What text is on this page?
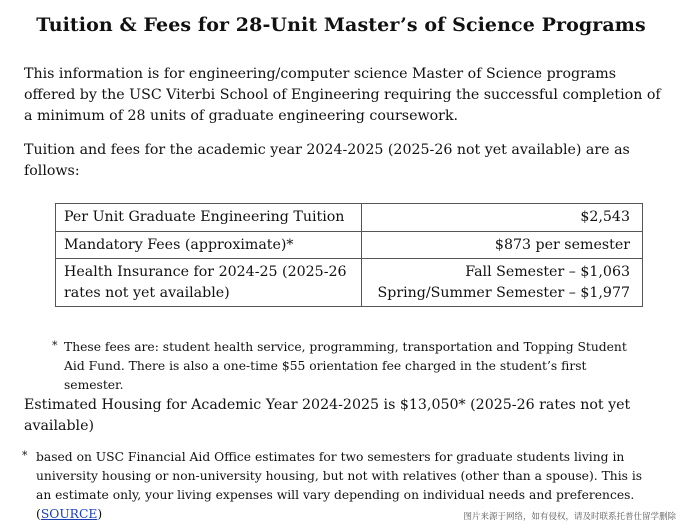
Tuition & Fees for 28-Unit Master’s of Science Programs
This information is for engineering/computer science Master of Science programs offered by the USC Viterbi School of Engineering requiring the successful completion of a minimum of 28 units of graduate engineering coursework.
Tuition and fees for the academic year 2024-2025 (2025-26 not yet available) are as follows:
Per Unit Graduate Engineering Tuition	$2,543
Mandatory Fees (approximate)*	$873 per semester
Health Insurance for 2024-25 (2025-26 rates not yet available)	Fall Semester – $1,063
Spring/Summer Semester – $1,977
* These fees are: student health service, programming, transportation and Topping Student Aid Fund. There is also a one-time $55 orientation fee charged in the student’s first semester.
Estimated Housing for Academic Year 2024-2025 is $13,050* (2025-26 rates not yet available)
* based on USC Financial Aid Office estimates for two semesters for graduate students living in university housing or non-university housing, but not with relatives (other than a spouse). This is an estimate only, your living expenses will vary depending on individual needs and preferences.
(SOURCE)	图片来源于网络，如有侵权，请及时联系托普仕留学删除
